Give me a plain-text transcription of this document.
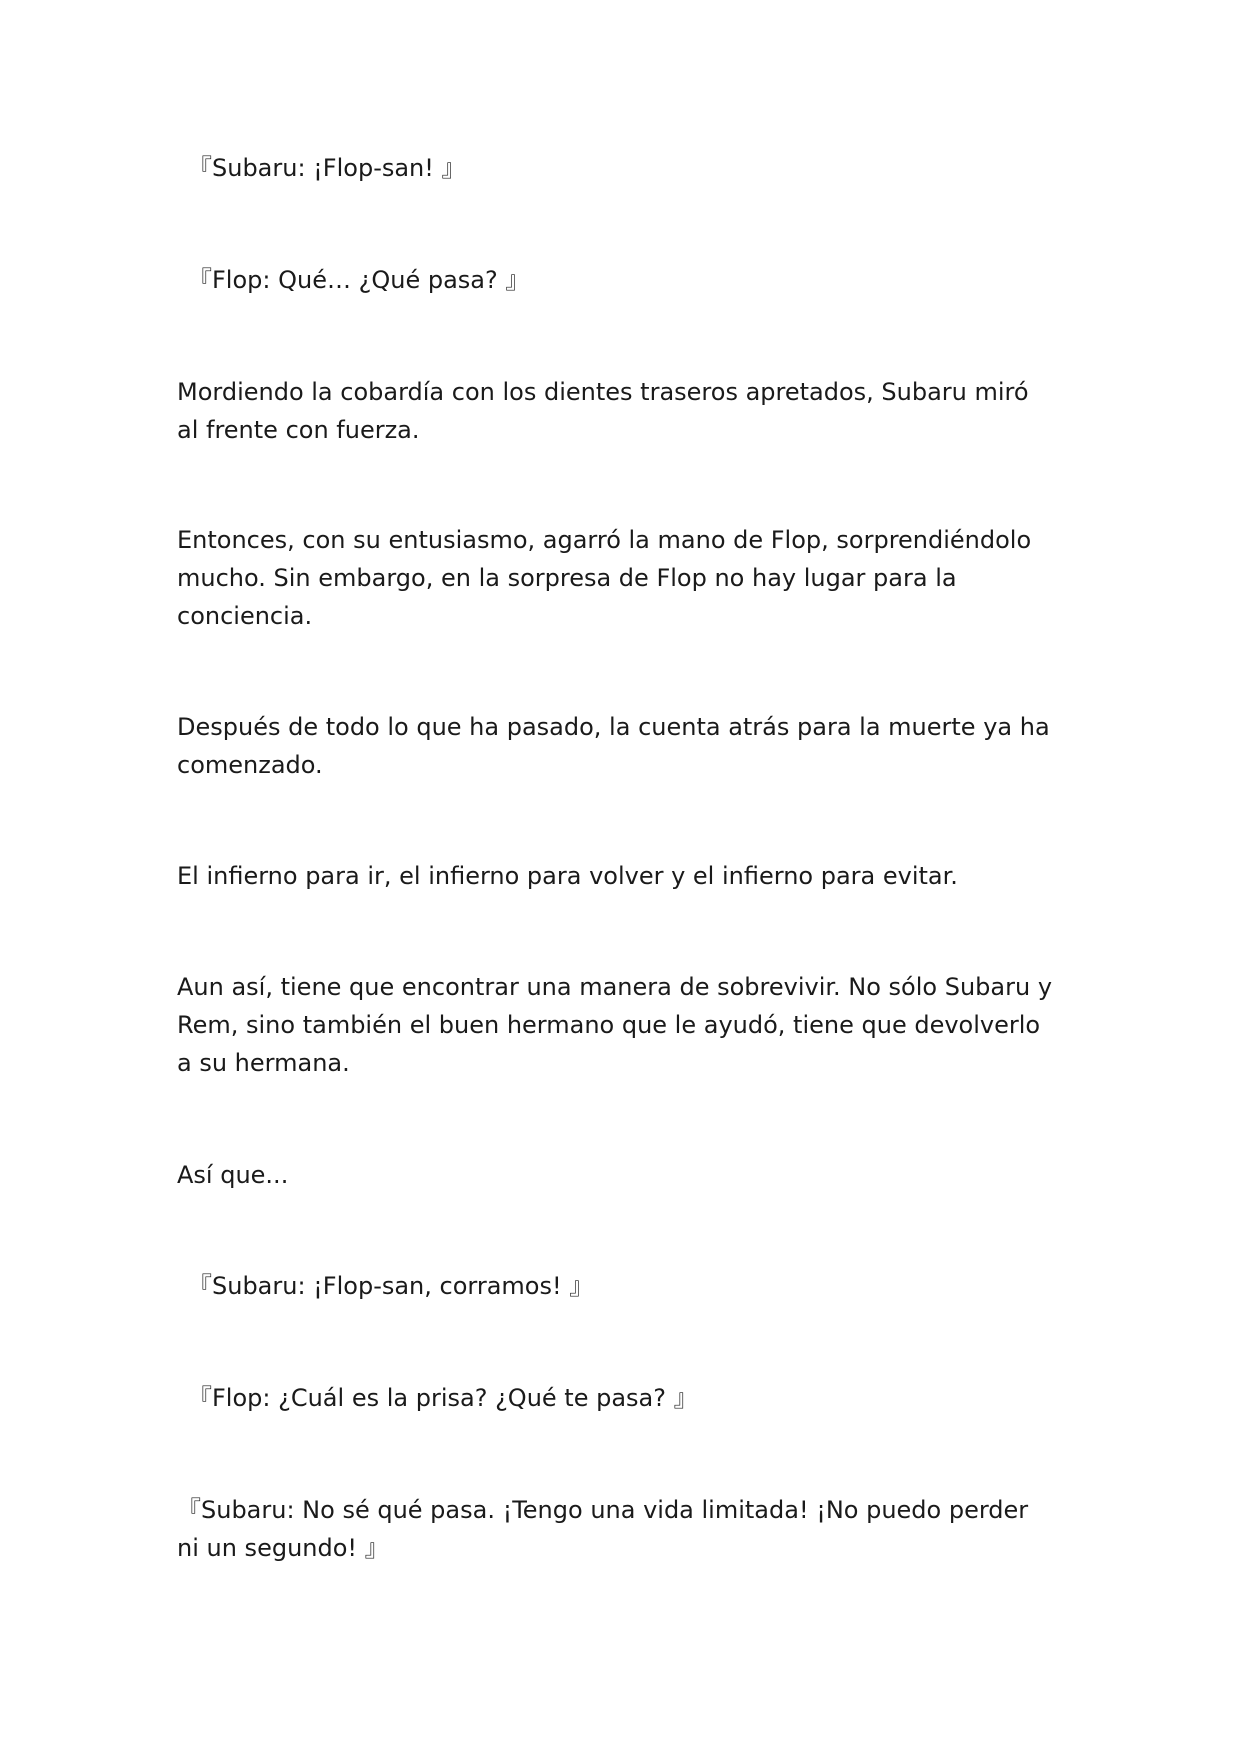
『Subaru: ¡Flop-san! 』

『Flop: Qué… ¿Qué pasa? 』

Mordiendo la cobardía con los dientes traseros apretados, Subaru miró al frente con fuerza.

Entonces, con su entusiasmo, agarró la mano de Flop, sorprendiéndolo mucho. Sin embargo, en la sorpresa de Flop no hay lugar para la conciencia.

Después de todo lo que ha pasado, la cuenta atrás para la muerte ya ha comenzado.

El infierno para ir, el infierno para volver y el infierno para evitar.

Aun así, tiene que encontrar una manera de sobrevivir. No sólo Subaru y Rem, sino también el buen hermano que le ayudó, tiene que devolverlo a su hermana.

Así que...

『Subaru: ¡Flop-san, corramos! 』

『Flop: ¿Cuál es la prisa? ¿Qué te pasa? 』

『Subaru: No sé qué pasa. ¡Tengo una vida limitada! ¡No puedo perder ni un segundo! 』
